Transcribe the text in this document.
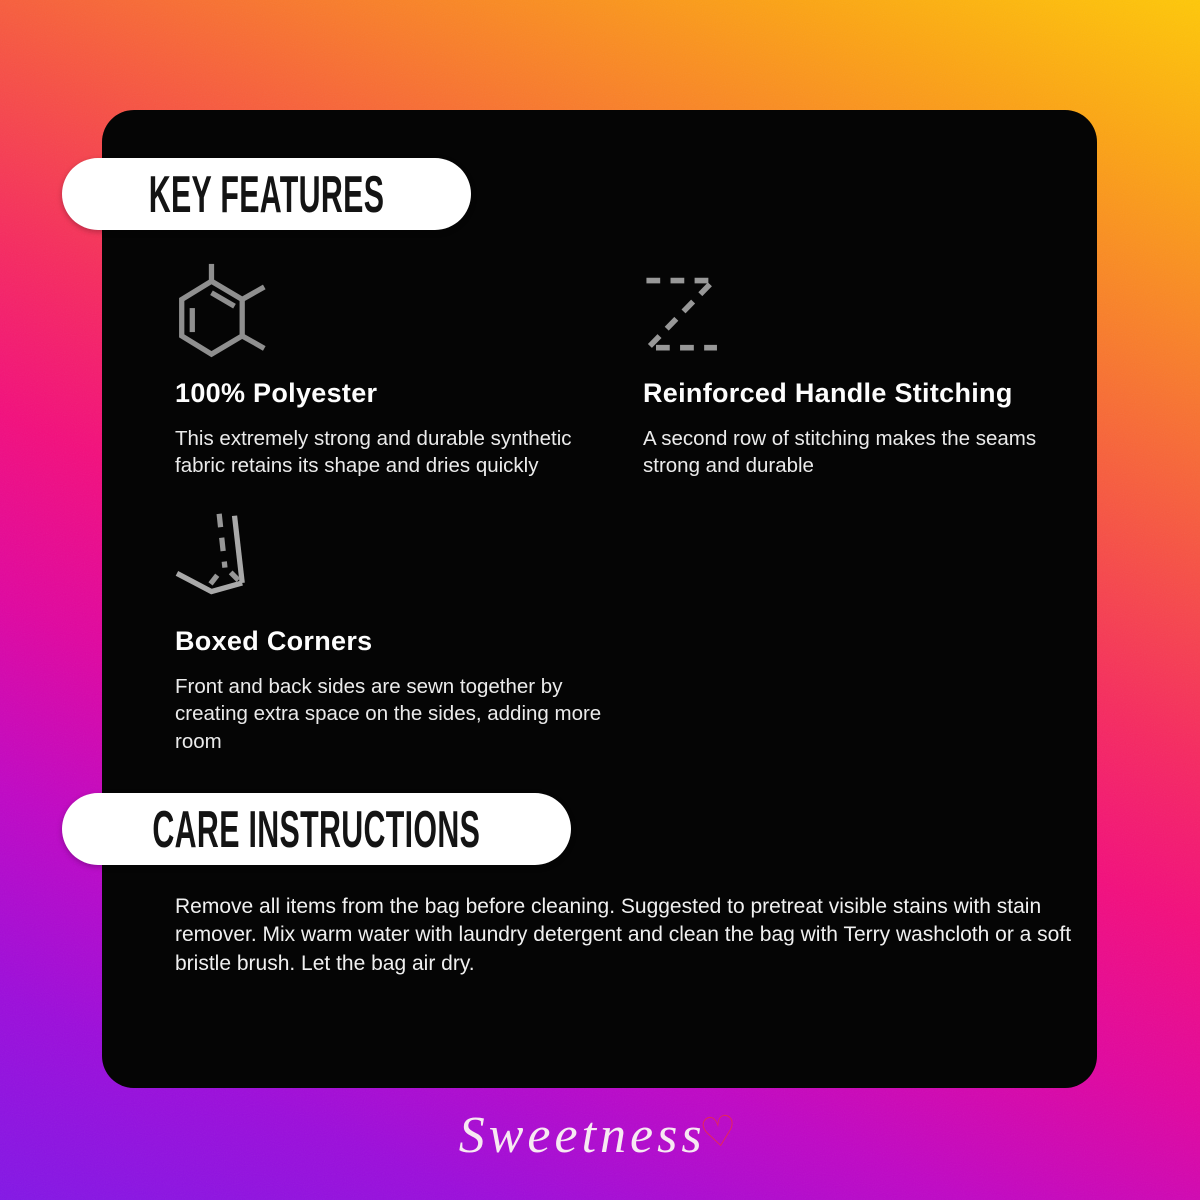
KEY FEATURES
100% Polyester

This extremely strong and durable synthetic fabric retains its shape and dries quickly

Reinforced Handle Stitching

A second row of stitching makes the seams strong and durable

Boxed Corners

Front and back sides are sewn together by creating extra space on the sides, adding more room

CARE INSTRUCTIONS

Remove all items from the bag before cleaning. Suggested to pretreat visible stains with stain remover. Mix warm water with laundry detergent and clean the bag with Terry washcloth or a soft bristle brush. Let the bag air dry.

Sweetness♡
